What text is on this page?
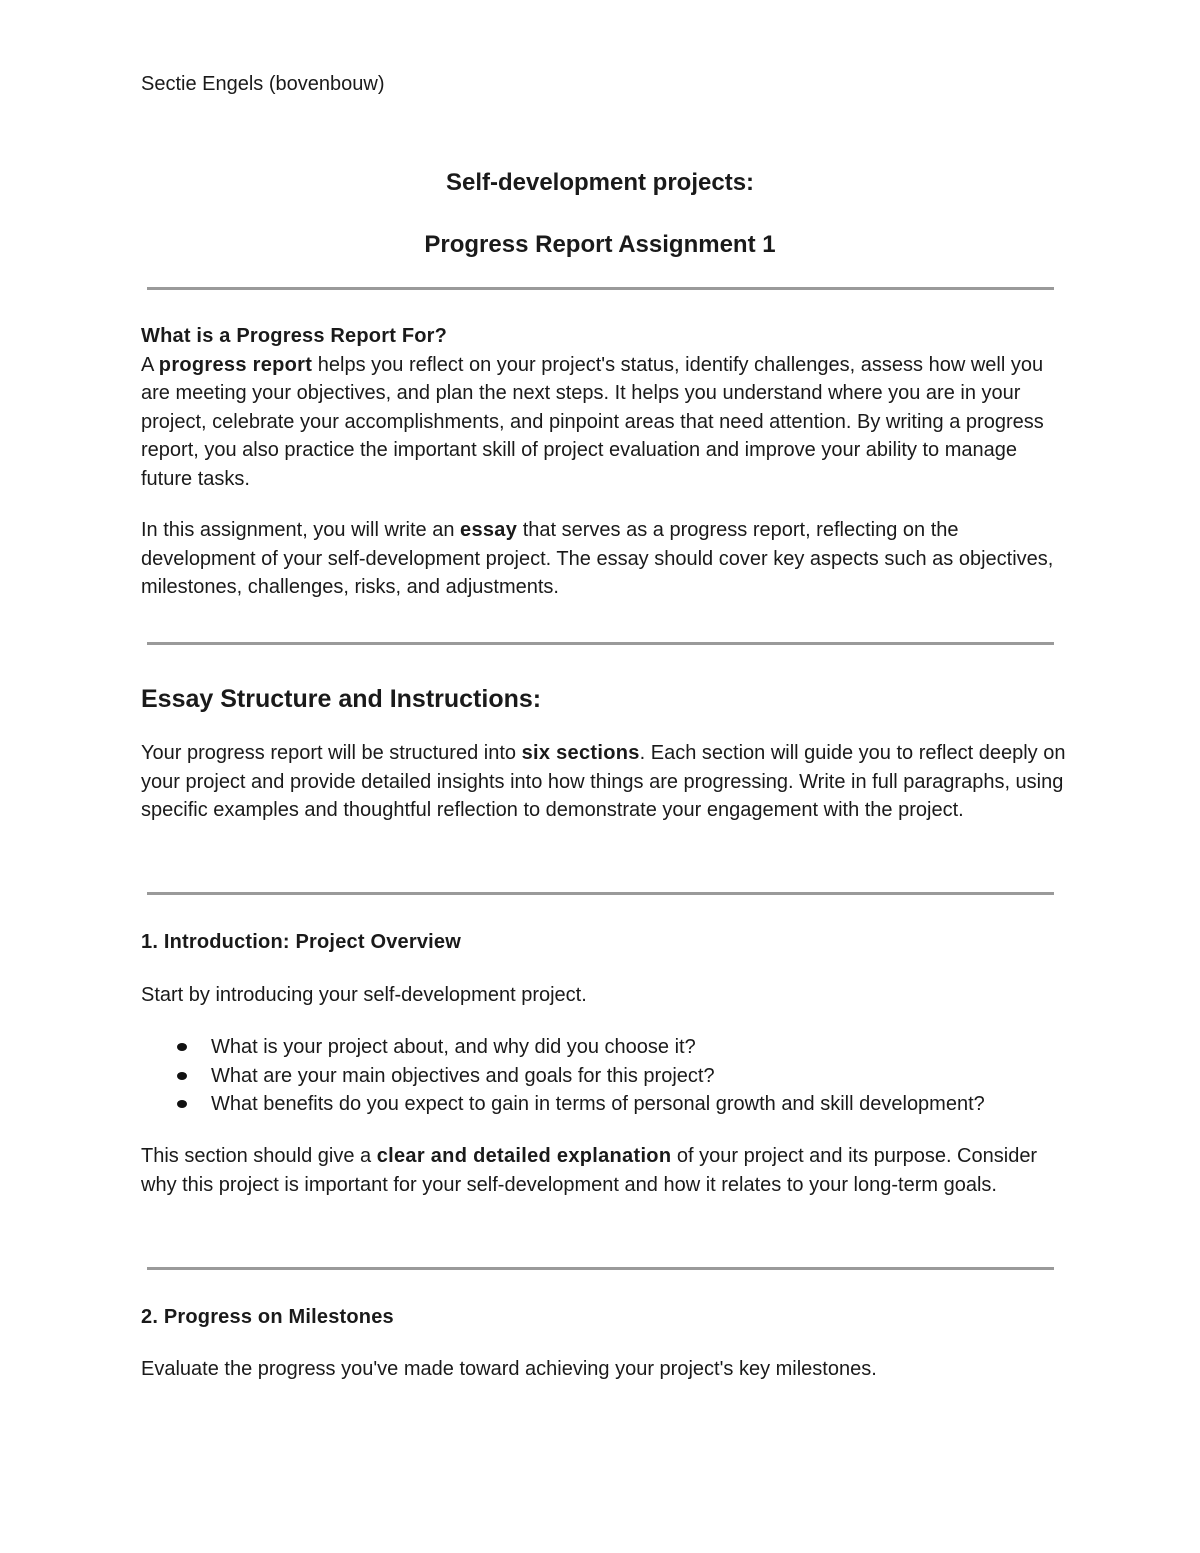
Sectie Engels (bovenbouw)
Self-development projects:
Progress Report Assignment 1

What is a Progress Report For?

A progress report helps you reflect on your project's status, identify challenges, assess how well you are meeting your objectives, and plan the next steps. It helps you understand where you are in your project, celebrate your accomplishments, and pinpoint areas that need attention. By writing a progress report, you also practice the important skill of project evaluation and improve your ability to manage future tasks.

In this assignment, you will write an essay that serves as a progress report, reflecting on the development of your self-development project. The essay should cover key aspects such as objectives, milestones, challenges, risks, and adjustments.

Essay Structure and Instructions:

Your progress report will be structured into six sections. Each section will guide you to reflect deeply on your project and provide detailed insights into how things are progressing. Write in full paragraphs, using specific examples and thoughtful reflection to demonstrate your engagement with the project.

1. Introduction: Project Overview

Start by introducing your self-development project.

What is your project about, and why did you choose it?
What are your main objectives and goals for this project?
What benefits do you expect to gain in terms of personal growth and skill development?

This section should give a clear and detailed explanation of your project and its purpose. Consider why this project is important for your self-development and how it relates to your long-term goals.

2. Progress on Milestones

Evaluate the progress you've made toward achieving your project's key milestones.
